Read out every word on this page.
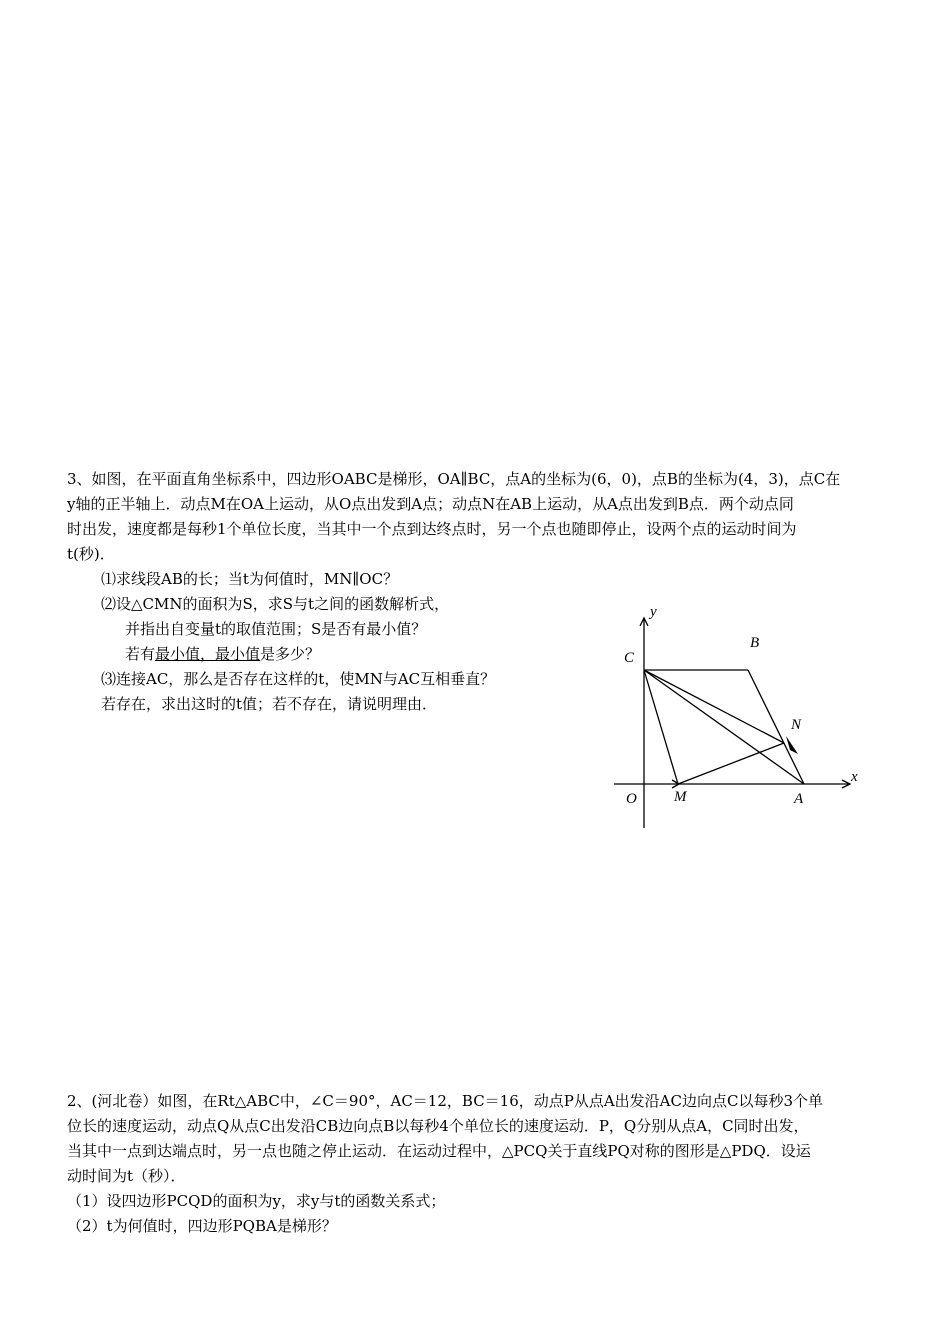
3、如图，在平面直角坐标系中，四边形OABC是梯形，OA∥BC，点A的坐标为(6，0)，点B的坐标为(4，3)，点C在
y轴的正半轴上．动点M在OA上运动，从O点出发到A点；动点N在AB上运动，从A点出发到B点．两个动点同
时出发，速度都是每秒1个单位长度，当其中一个点到达终点时，另一个点也随即停止，设两个点的运动时间为
t(秒)．
⑴求线段AB的长；当t为何值时，MN∥OC？
⑵设△CMN的面积为S，求S与t之间的函数解析式，
并指出自变量t的取值范围；S是否有最小值？
若有最小值，最小值是多少？
⑶连接AC，那么是否存在这样的t，使MN与AC互相垂直？
若存在，求出这时的t值；若不存在，请说明理由．
y
x
B
C
N
O M	A
2、(河北卷）如图，在Rt△ABC中，∠C＝90°，AC＝12，BC＝16，动点P从点A出发沿AC边向点C以每秒3个单
位长的速度运动，动点Q从点C出发沿CB边向点B以每秒4个单位长的速度运动．P，Q分别从点A，C同时出发，
当其中一点到达端点时，另一点也随之停止运动．在运动过程中，△PCQ关于直线PQ对称的图形是△PDQ．设运
动时间为t（秒）．
（1）设四边形PCQD的面积为y，求y与t的函数关系式；
（2）t为何值时，四边形PQBA是梯形？
